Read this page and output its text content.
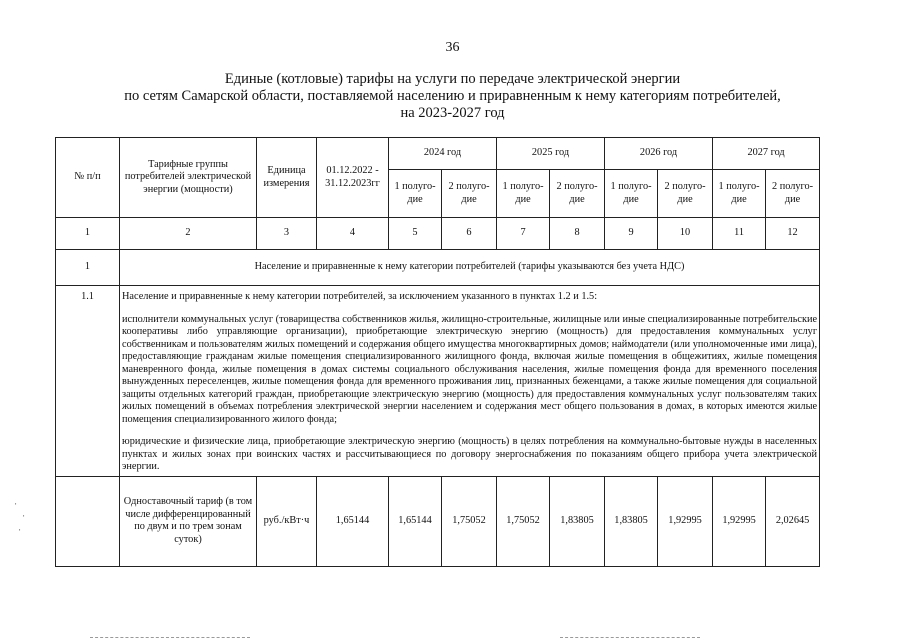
36
Единые (котловые) тарифы на услуги по передаче электрической энергии
по сетям Самарской области, поставляемой населению и приравненным к нему категориям потребителей,
на 2023-2027 год
№ п/п	Тарифные группы потребителей электрической энергии (мощности)	Единица измерения	01.12.2022 - 31.12.2023гг	2024 год		2025 год		2026 год		2027 год	
				1 полуго-дие	2 полуго-дие	1 полуго-дие	2 полуго-дие	1 полуго-дие	2 полуго-дие	1 полуго-дие	2 полуго-дие
1	2	3	4	5	6	7	8	9	10	11	12
1	Население и приравненные к нему категории потребителей (тарифы указываются без учета НДС)										
1.1	Население и приравненные к нему категории потребителей, за исключением указанного в пунктах 1.2 и 1.5:
исполнители коммунальных услуг (товарищества собственников жилья, жилищно-строительные, жилищные или иные специализированные потребительские кооперативы либо управляющие организации), приобретающие электрическую энергию (мощность) для предоставления коммунальных услуг собственникам и пользователям жилых помещений и содержания общего имущества многоквартирных домов; наймодатели (или уполномоченные ими лица), предоставляющие гражданам жилые помещения специализированного жилищного фонда, включая жилые помещения в общежитиях, жилые помещения маневренного фонда, жилые помещения в домах системы социального обслуживания населения, жилые помещения фонда для временного поселения вынужденных переселенцев, жилые помещения фонда для временного проживания лиц, признанных беженцами, а также жилые помещения для социальной защиты отдельных категорий граждан, приобретающие электрическую энергию (мощность) для предоставления коммунальных услуг пользователям таких жилых помещений в объемах потребления электрической энергии населением и содержания мест общего пользования в домах, в которых имеются жилые помещения специализированного жилого фонда;
юридические и физические лица, приобретающие электрическую энергию (мощность) в целях потребления на коммунально-бытовые нужды в населенных пунктах и жилых зонах при воинских частях и рассчитывающиеся по договору энергоснабжения по показаниям общего прибора учета электрической энергии.										

	Одноставочный тариф (в том числе дифференцированный по двум и по трем зонам суток)	руб./кВт·ч	1,65144	1,65144	1,75052	1,75052	1,83805	1,83805	1,92995	1,92995	2,02645
⋅
⋅
⋅
